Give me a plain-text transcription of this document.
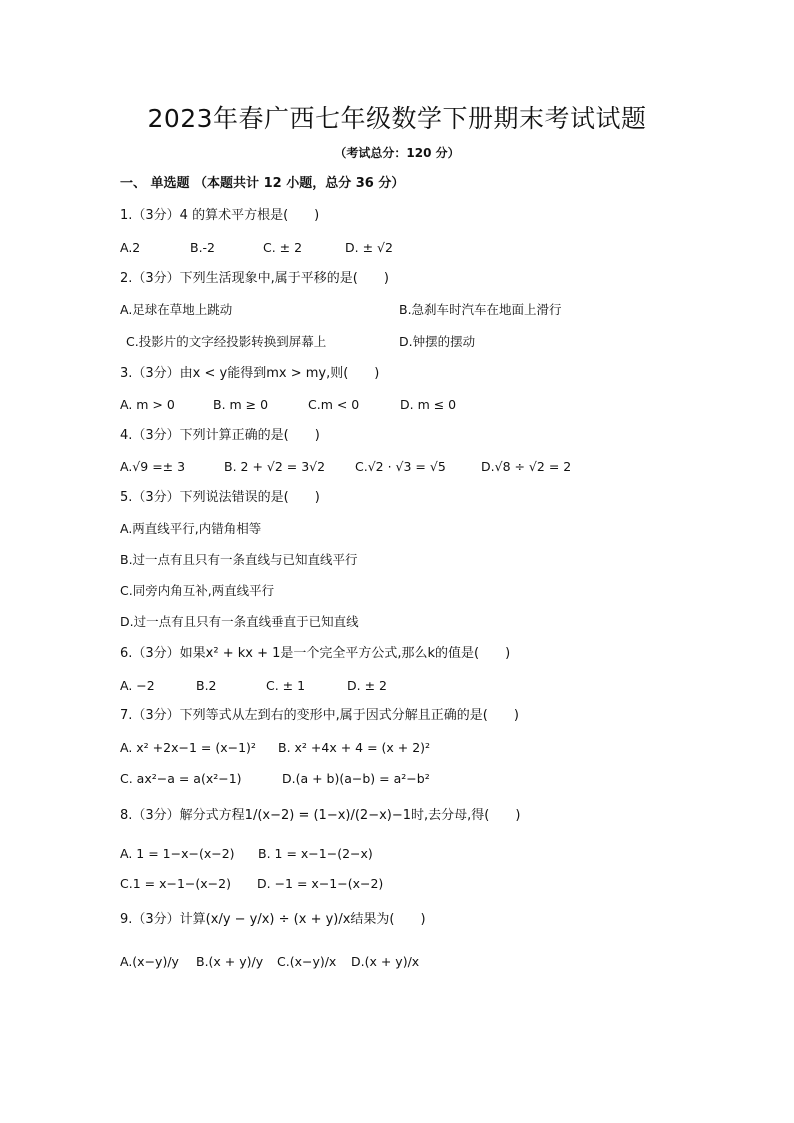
2023年春广西七年级数学下册期末考试试题
（考试总分：120 分）
一、 单选题 （本题共计 12 小题，总分 36 分）
1.（3分）4 的算术平方根是(　　)
A.2	B.-2	C. ± 2	D. ± √2
2.（3分）下列生活现象中,属于平移的是(　　)
A.足球在草地上跳动	B.急刹车时汽车在地面上滑行
C.投影片的文字经投影转换到屏幕上	D.钟摆的摆动
3.（3分）由x < y能得到mx > my,则(　　)
A. m > 0	B. m ≥ 0	C.m < 0	D. m ≤ 0
4.（3分）下列计算正确的是(　　)
A.√9 =± 3	B. 2 + √2 = 3√2 C.√2 · √3 = √5	D.√8 ÷ √2 = 2
5.（3分）下列说法错误的是(　　)
A.两直线平行,内错角相等
B.过一点有且只有一条直线与已知直线平行
C.同旁内角互补,两直线平行
D.过一点有且只有一条直线垂直于已知直线
6.（3分）如果x² + kx + 1是一个完全平方公式,那么k的值是(　　)
A. −2	B.2	C. ± 1	D. ± 2
7.（3分）下列等式从左到右的变形中,属于因式分解且正确的是(　　)
A. x² +2x−1 = (x−1)² B. x² +4x + 4 = (x + 2)²
C. ax²−a = a(x²−1)	D.(a + b)(a−b) = a²−b²
8.（3分）解分式方程1/(x−2) = (1−x)/(2−x)−1时,去分母,得(　　)
A. 1 = 1−x−(x−2) B. 1 = x−1−(2−x)
C.1 = x−1−(x−2) D. −1 = x−1−(x−2)
9.（3分）计算(x/y − y/x) ÷ (x + y)/x结果为(　　)
A.(x−y)/y B.(x + y)/y C.(x−y)/x D.(x + y)/x
